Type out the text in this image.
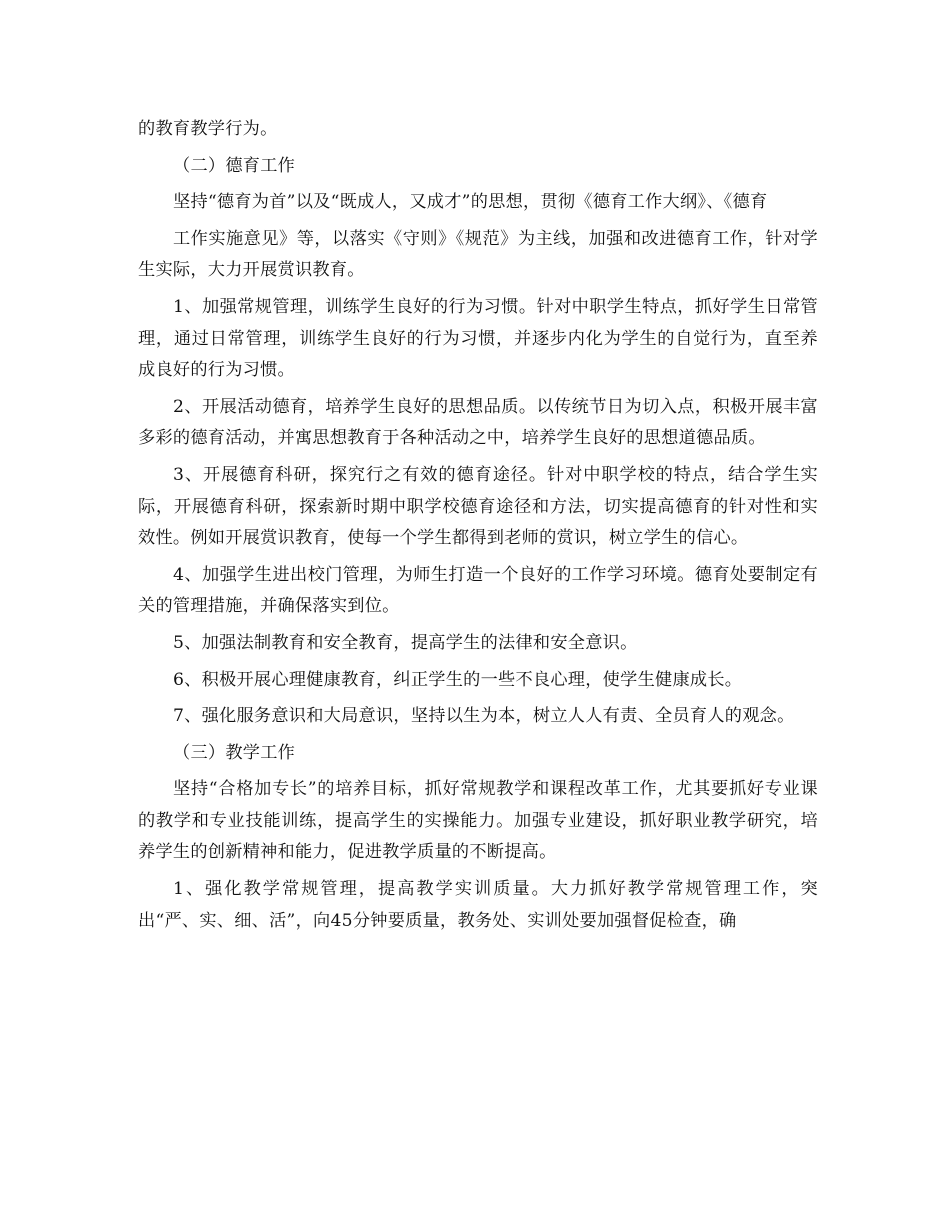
的教育教学行为。

（二）德育工作

坚持“德育为首”以及“既成人，又成才”的思想，贯彻《德育工作大纲》、《德育

工作实施意见》等，以落实《守则》《规范》为主线，加强和改进德育工作，针对学生实际，大力开展赏识教育。

1、加强常规管理，训练学生良好的行为习惯。针对中职学生特点，抓好学生日常管理，通过日常管理，训练学生良好的行为习惯，并逐步内化为学生的自觉行为，直至养成良好的行为习惯。

2、开展活动德育，培养学生良好的思想品质。以传统节日为切入点，积极开展丰富多彩的德育活动，并寓思想教育于各种活动之中，培养学生良好的思想道德品质。

3、开展德育科研，探究行之有效的德育途径。针对中职学校的特点，结合学生实际，开展德育科研，探索新时期中职学校德育途径和方法，切实提高德育的针对性和实效性。例如开展赏识教育，使每一个学生都得到老师的赏识，树立学生的信心。

4、加强学生进出校门管理，为师生打造一个良好的工作学习环境。德育处要制定有关的管理措施，并确保落实到位。

5、加强法制教育和安全教育，提高学生的法律和安全意识。

6、积极开展心理健康教育，纠正学生的一些不良心理，使学生健康成长。

7、强化服务意识和大局意识，坚持以生为本，树立人人有责、全员育人的观念。

（三）教学工作

坚持“合格加专长”的培养目标，抓好常规教学和课程改革工作，尤其要抓好专业课的教学和专业技能训练，提高学生的实操能力。加强专业建设，抓好职业教学研究，培养学生的创新精神和能力，促进教学质量的不断提高。

1、强化教学常规管理，提高教学实训质量。大力抓好教学常规管理工作，突出“严、实、细、活”，向45分钟要质量，教务处、实训处要加强督促检查，确
